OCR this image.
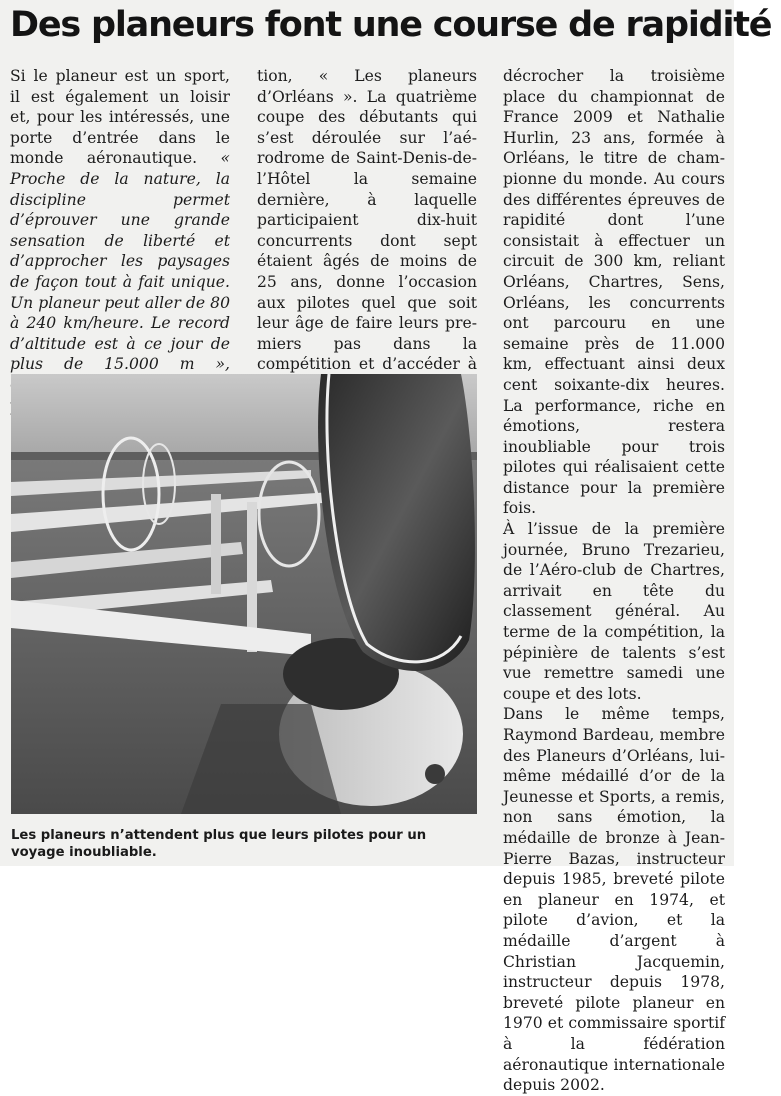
Des planeurs font une course de rapidité

Si le planeur est un sport, il est également un loisir et, pour les intéressés, une porte d’entrée dans le monde aéronautique. « Proche de la nature, la discipline permet d’éprouver une grande sensation de liberté et d’approcher les paysages de façon tout à fait unique. Un planeur peut aller de 80 à 240 km/heure. Le record d’altitude est à ce jour de plus de 15.000 m »,

tion, « Les planeurs d’Orléans ». La quatrième coupe des débutants qui s’est déroulée sur l’aérodrome de Saint-Denis-de-l’Hôtel la semaine dernière, à laquelle participaient dix-huit concurrents dont sept étaient âgés de moins de 25 ans, donne l’occasion aux pilotes quel que soit leur âge de faire leurs premiers pas dans la compétition et d’accéder à

décrocher la troisième place du championnat de France 2009 et Nathalie Hurlin, 23 ans, formée à Orléans, le titre de championne du monde. Au cours des différentes épreuves de rapidité dont l’une consistait à effectuer un circuit de 300 km, reliant Orléans, Chartres, Sens, Orléans, les concurrents ont parcouru en une semaine près de 11.000 km, effectuant ainsi deux cent soixante-dix heures. La performance, riche en émotions, restera inoubliable pour trois pilotes qui réalisaient cette distance pour la première fois.

À l’issue de la première journée, Bruno Trezarieu, de l’Aéro-club de Chartres, arrivait en tête du classement général. Au terme de la compétition, la pépinière de talents s’est vue remettre samedi une coupe et des lots.

Dans le même temps, Raymond Bardeau, membre des Planeurs d’Orléans, lui-même médaillé d’or de la Jeunesse et Sports, a remis, non sans émotion, la médaille de bronze à Jean-Pierre Bazas, instructeur depuis 1985, breveté pilote en planeur en 1974, et pilote d’avion, et la médaille d’argent à Christian Jacquemin, instructeur depuis 1978, breveté pilote planeur en 1970 et commissaire sportif à la fédération aéronautique internationale depuis 2002.

Les planeurs n’attendent plus que leurs pilotes pour un voyage inoubliable.
